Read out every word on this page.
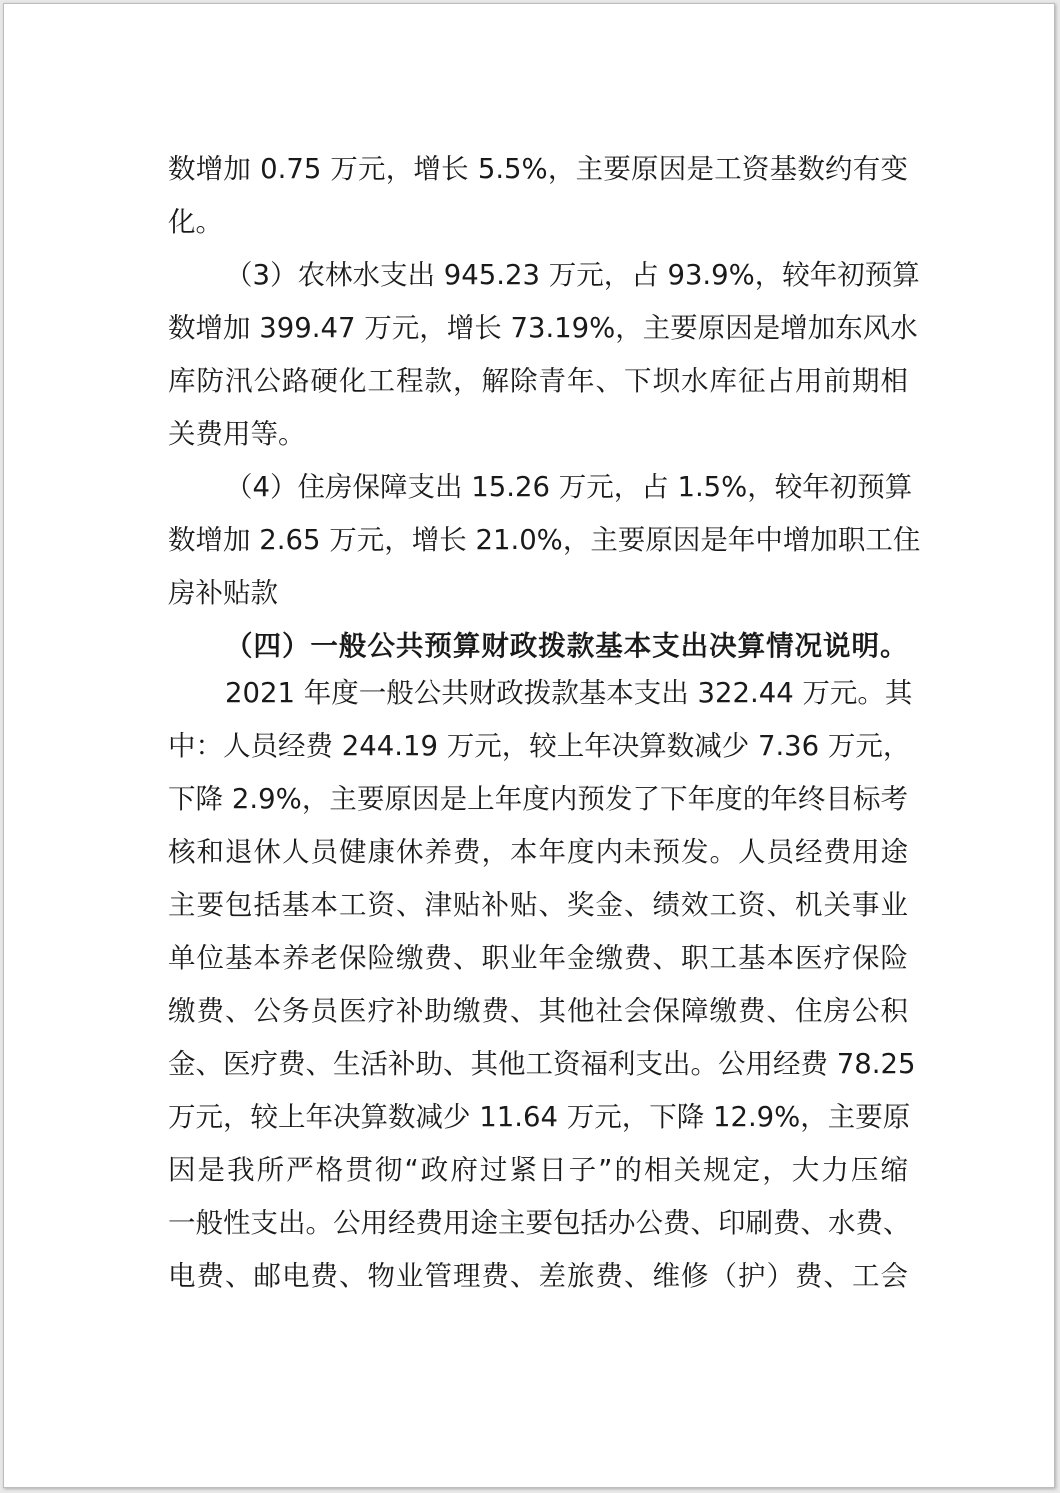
数增加 0.75 万元，增长 5.5%，主要原因是工资基数约有变
化。
（3）农林水支出 945.23 万元，占 93.9%，较年初预算
数增加 399.47 万元，增长 73.19%，主要原因是增加东风水
库防汛公路硬化工程款，解除青年、下坝水库征占用前期相
关费用等。
（4）住房保障支出 15.26 万元，占 1.5%，较年初预算
数增加 2.65 万元，增长 21.0%，主要原因是年中增加职工住
房补贴款
（四）一般公共预算财政拨款基本支出决算情况说明。
2021 年度一般公共财政拨款基本支出 322.44 万元。其
中：人员经费 244.19 万元，较上年决算数减少 7.36 万元，
下降 2.9%，主要原因是上年度内预发了下年度的年终目标考
核和退休人员健康休养费，本年度内未预发。人员经费用途
主要包括基本工资、津贴补贴、奖金、绩效工资、机关事业
单位基本养老保险缴费、职业年金缴费、职工基本医疗保险
缴费、公务员医疗补助缴费、其他社会保障缴费、住房公积
金、医疗费、生活补助、其他工资福利支出。公用经费 78.25
万元，较上年决算数减少 11.64 万元，下降 12.9%，主要原
因是我所严格贯彻“政府过紧日子”的相关规定，大力压缩
一般性支出。公用经费用途主要包括办公费、印刷费、水费、
电费、邮电费、物业管理费、差旅费、维修（护）费、工会
